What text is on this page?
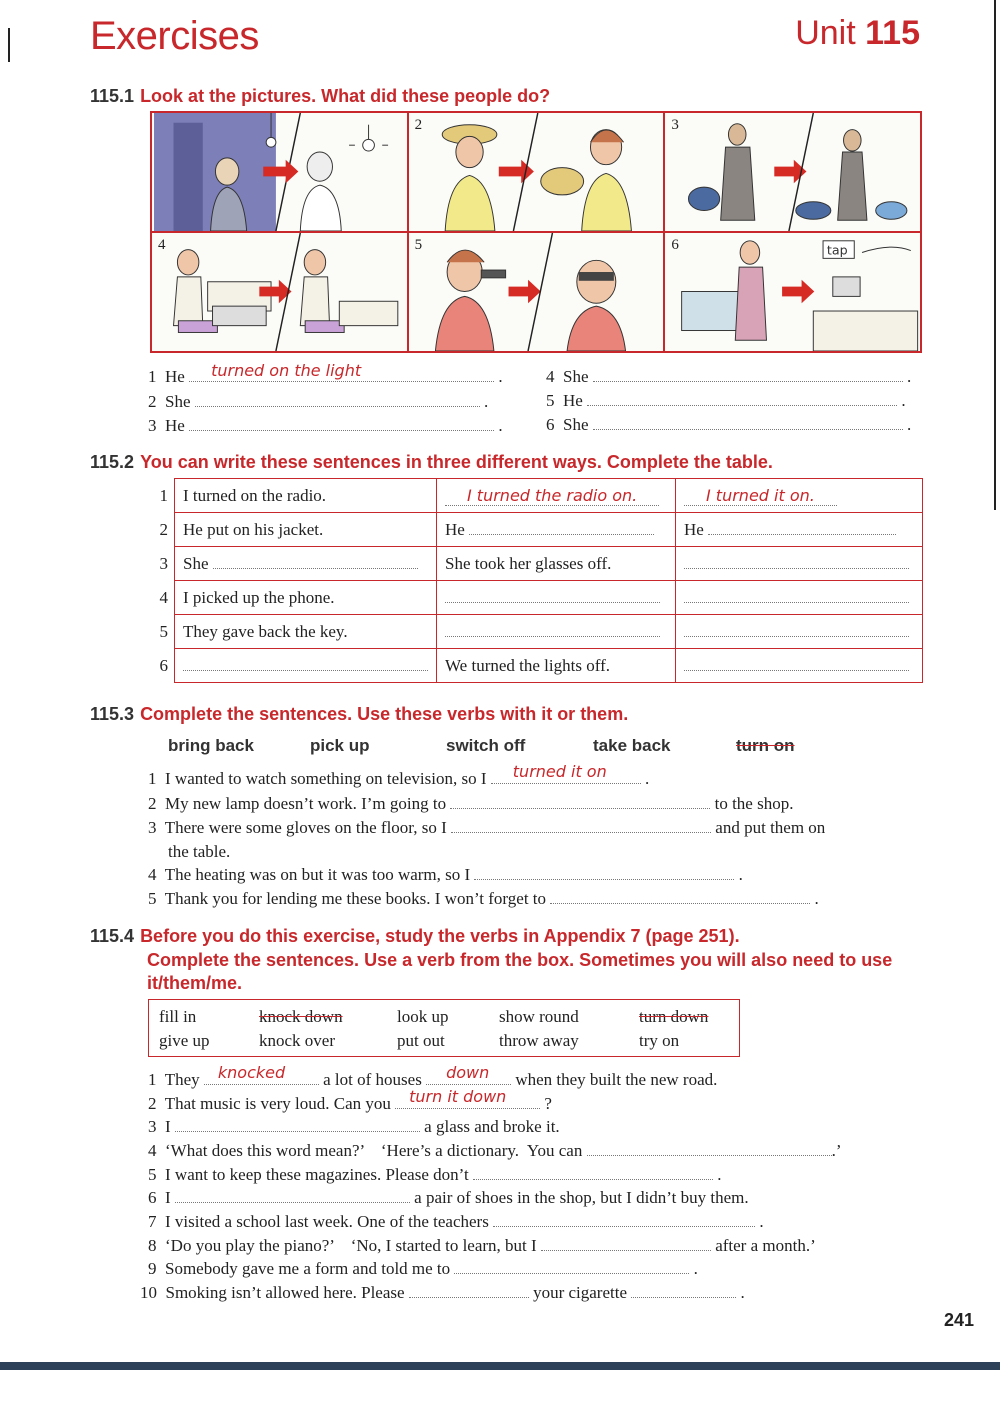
Exercises	Unit 115
115.1 Look at the pictures. What did these people do?
2	3
4	5	6	tap
1 He turned on the light	.
2 She	.
3 He	.
4 She	.
5 He	.
6 She	.
115.2 You can write these sentences in three different ways. Complete the table.
1	I turned on the radio.	I turned the radio on.	I turned it on.
2	He put on his jacket.	He	He
3	She	She took her glasses off.	
4	I picked up the phone.		
5	They gave back the key.		
6		We turned the lights off.	
115.3 Complete the sentences. Use these verbs with it or them.
bring back	pick up	switch off	take back	turn on
1 I wanted to watch something on television, so I turned it on .
2 My new lamp doesn’t work. I’m going to	to the shop.
3 There were some gloves on the floor, so I	and put them on
the table.
4 The heating was on but it was too warm, so I	.
5 Thank you for lending me these books. I won’t forget to	.
115.4 Before you do this exercise, study the verbs in Appendix 7 (page 251).
Complete the sentences. Use a verb from the box. Sometimes you will also need to use
it/them/me.
fill in	knock down	look up	show round	turn down
give up	knock over	put out	throw away	try on
1 They knocked a lot of houses down when they built the new road.
2 That music is very loud. Can you turn it down ?
3 I	a glass and broke it.
4 ‘What does this word mean?’    ‘Here’s a dictionary.  You can	.’
5 I want to keep these magazines. Please don’t	.
6 I	a pair of shoes in the shop, but I didn’t buy them.
7 I visited a school last week. One of the teachers	.
8 ‘Do you play the piano?’    ‘No, I started to learn, but I	after a month.’
9 Somebody gave me a form and told me to	.
10 Smoking isn’t allowed here. Please	your cigarette	.
241
